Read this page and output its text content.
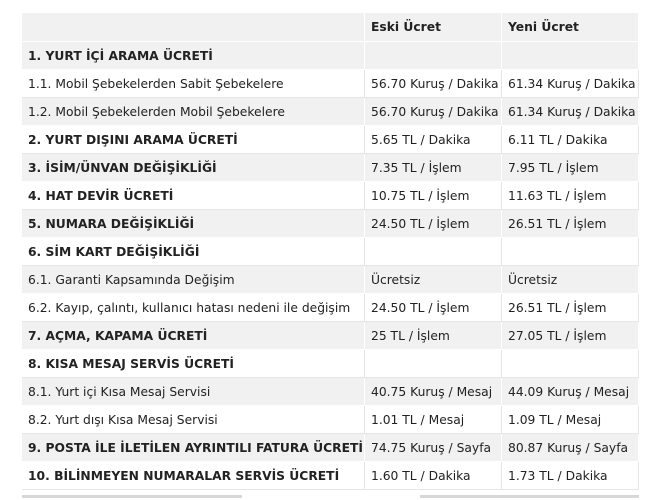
	Eski Ücret	Yeni Ücret
1. YURT İÇİ ARAMA ÜCRETİ		
1.1. Mobil Şebekelerden Sabit Şebekelere	56.70 Kuruş / Dakika	61.34 Kuruş / Dakika
1.2. Mobil Şebekelerden Mobil Şebekelere	56.70 Kuruş / Dakika	61.34 Kuruş / Dakika
2. YURT DIŞINI ARAMA ÜCRETİ	5.65 TL / Dakika	6.11 TL / Dakika
3. İSİM/ÜNVAN DEĞİŞİKLİĞİ	7.35 TL / İşlem	7.95 TL / İşlem
4. HAT DEVİR ÜCRETİ	10.75 TL / İşlem	11.63 TL / İşlem
5. NUMARA DEĞİŞİKLİĞİ	24.50 TL / İşlem	26.51 TL / İşlem
6. SİM KART DEĞİŞİKLİĞİ		
6.1. Garanti Kapsamında Değişim	Ücretsiz	Ücretsiz
6.2. Kayıp, çalıntı, kullanıcı hatası nedeni ile değişim	24.50 TL / İşlem	26.51 TL / İşlem
7. AÇMA, KAPAMA ÜCRETİ	25 TL / İşlem	27.05 TL / İşlem
8. KISA MESAJ SERVİS ÜCRETİ		
8.1. Yurt içi Kısa Mesaj Servisi	40.75 Kuruş / Mesaj	44.09 Kuruş / Mesaj
8.2. Yurt dışı Kısa Mesaj Servisi	1.01 TL / Mesaj	1.09 TL / Mesaj
9. POSTA İLE İLETİLEN AYRINTILI FATURA ÜCRETİ	74.75 Kuruş / Sayfa	80.87 Kuruş / Sayfa
10. BİLİNMEYEN NUMARALAR SERVİS ÜCRETİ	1.60 TL / Dakika	1.73 TL / Dakika
